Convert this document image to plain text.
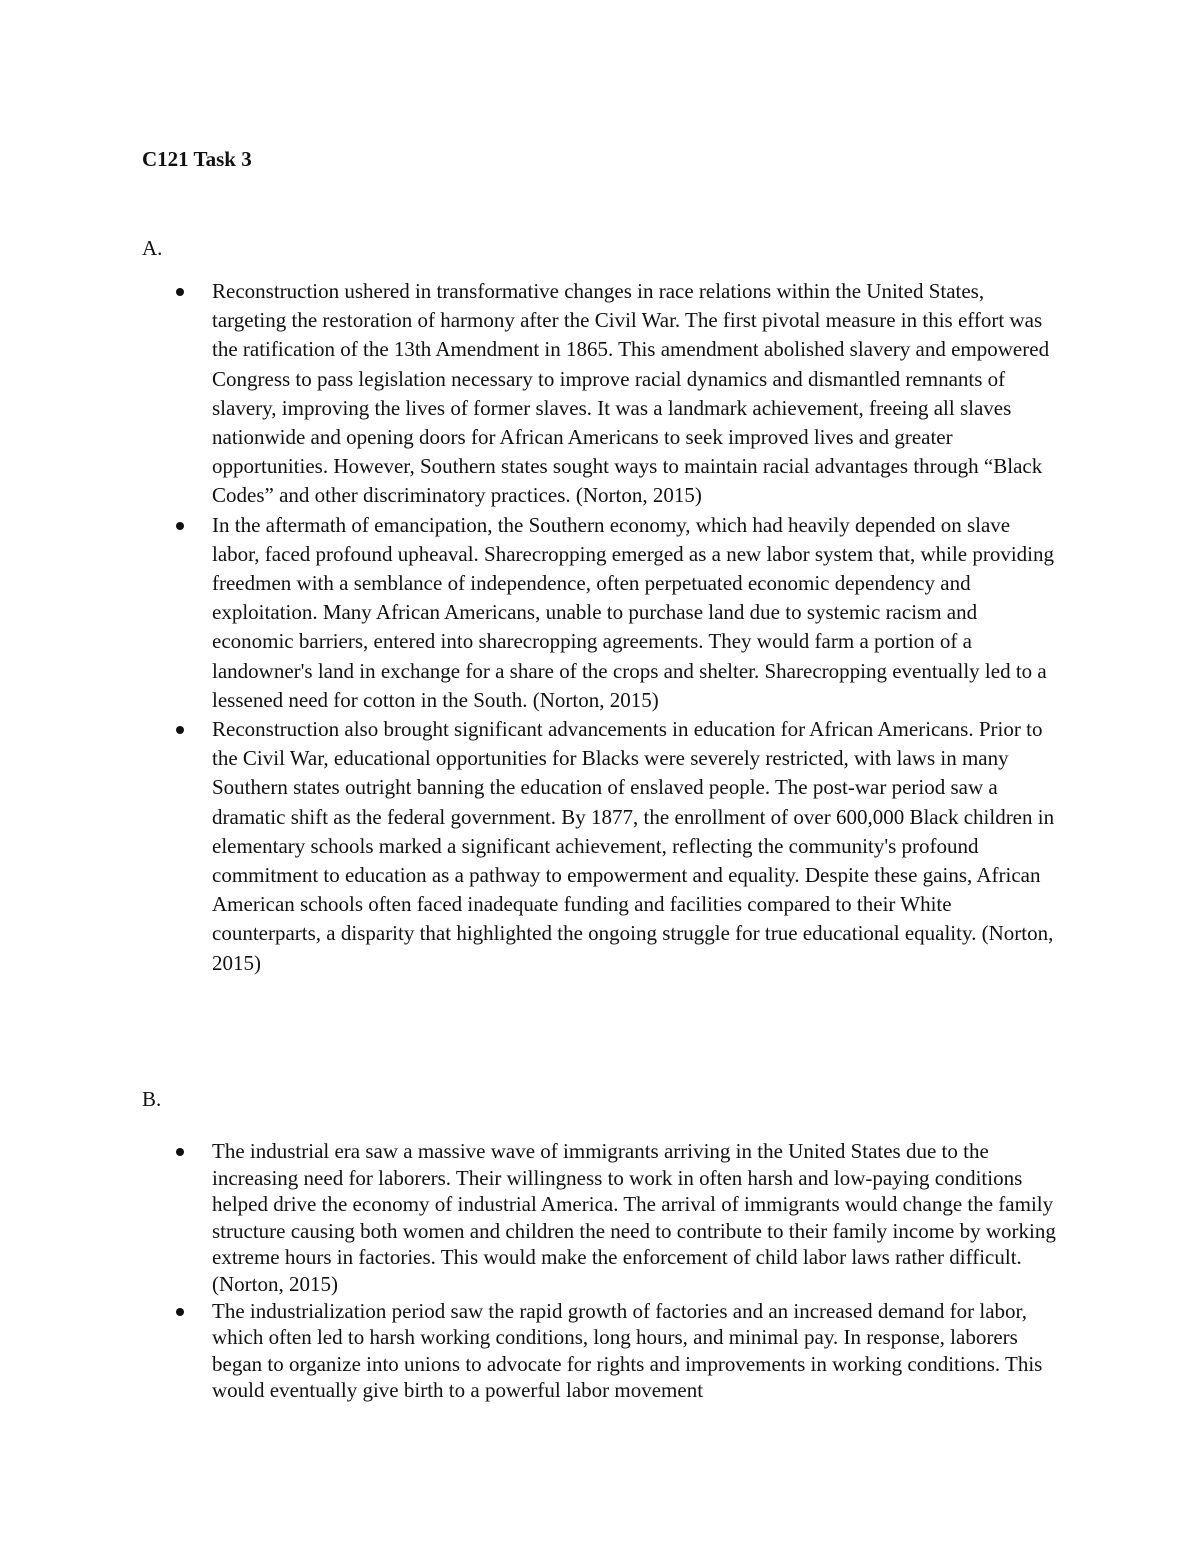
C121 Task 3

A.

Reconstruction ushered in transformative changes in race relations within the United States, targeting the restoration of harmony after the Civil War. The first pivotal measure in this effort was the ratification of the 13th Amendment in 1865. This amendment abolished slavery and empowered Congress to pass legislation necessary to improve racial dynamics and dismantled remnants of slavery, improving the lives of former slaves. It was a landmark achievement, freeing all slaves nationwide and opening doors for African Americans to seek improved lives and greater opportunities. However, Southern states sought ways to maintain racial advantages through “Black Codes” and other discriminatory practices. (Norton, 2015)
In the aftermath of emancipation, the Southern economy, which had heavily depended on slave labor, faced profound upheaval. Sharecropping emerged as a new labor system that, while providing freedmen with a semblance of independence, often perpetuated economic dependency and exploitation. Many African Americans, unable to purchase land due to systemic racism and economic barriers, entered into sharecropping agreements. They would farm a portion of a landowner's land in exchange for a share of the crops and shelter. Sharecropping eventually led to a lessened need for cotton in the South. (Norton, 2015)
Reconstruction also brought significant advancements in education for African Americans. Prior to the Civil War, educational opportunities for Blacks were severely restricted, with laws in many Southern states outright banning the education of enslaved people. The post-war period saw a dramatic shift as the federal government. By 1877, the enrollment of over 600,000 Black children in elementary schools marked a significant achievement, reflecting the community's profound commitment to education as a pathway to empowerment and equality. Despite these gains, African American schools often faced inadequate funding and facilities compared to their White counterparts, a disparity that highlighted the ongoing struggle for true educational equality. (Norton, 2015)

B.

The industrial era saw a massive wave of immigrants arriving in the United States due to the increasing need for laborers. Their willingness to work in often harsh and low-paying conditions helped drive the economy of industrial America. The arrival of immigrants would change the family structure causing both women and children the need to contribute to their family income by working extreme hours in factories. This would make the enforcement of child labor laws rather difficult. (Norton, 2015)
The industrialization period saw the rapid growth of factories and an increased demand for labor, which often led to harsh working conditions, long hours, and minimal pay. In response, laborers began to organize into unions to advocate for rights and improvements in working conditions. This would eventually give birth to a powerful labor movement
